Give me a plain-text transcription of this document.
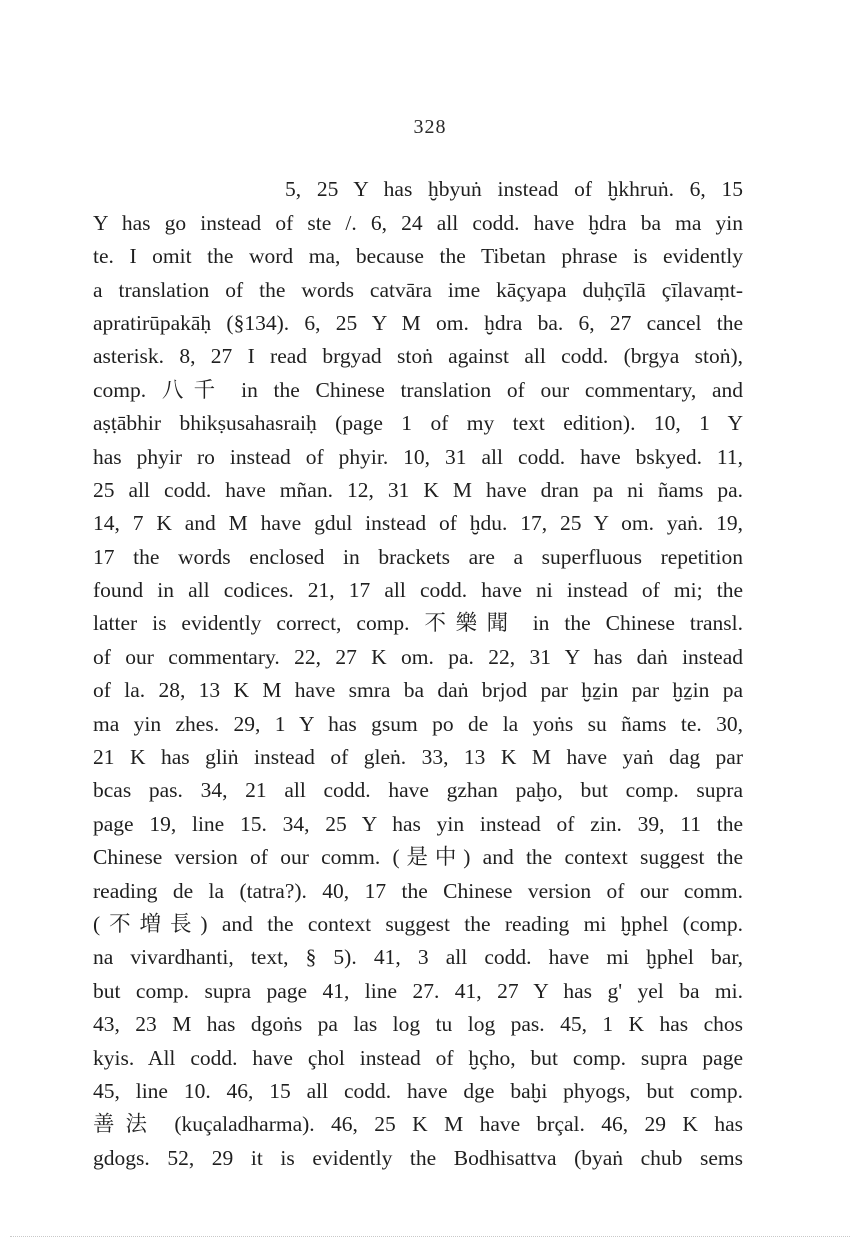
328
5, 25 Y has ḫbyuṅ instead of ḫkhruṅ. 6, 15
Y has go instead of ste /. 6, 24 all codd. have ḫdra ba ma yin
te. I omit the word ma, because the Tibetan phrase is evidently
a translation of the words catvāra ime kāçyapa duḥçīlā çīlavaṃt-
apratirūpakāḥ (§134). 6, 25 Y M om. ḫdra ba. 6, 27 cancel the
asterisk. 8, 27 I read brgyad stoṅ against all codd. (brgya stoṅ),
comp. 八千 in the Chinese translation of our commentary, and
aṣṭābhir bhikṣusahasraiḥ (page 1 of my text edition). 10, 1 Y
has phyir ro instead of phyir. 10, 31 all codd. have bskyed. 11,
25 all codd. have mñan. 12, 31 K M have dran pa ni ñams pa.
14, 7 K and M have gdul instead of ḫdu. 17, 25 Y om. yaṅ. 19,
17 the words enclosed in brackets are a superfluous repetition
found in all codices. 21, 17 all codd. have ni instead of mi; the
latter is evidently correct, comp. 不樂聞 in the Chinese transl.
of our commentary. 22, 27 K om. pa. 22, 31 Y has daṅ instead
of la. 28, 13 K M have smra ba daṅ brjod par ḫẕin par ḫẕin pa
ma yin zhes. 29, 1 Y has gsum po de la yoṅs su ñams te. 30,
21 K has gliṅ instead of gleṅ. 33, 13 K M have yaṅ dag par
bcas pas. 34, 21 all codd. have gzhan paḫo, but comp. supra
page 19, line 15. 34, 25 Y has yin instead of zin. 39, 11 the
Chinese version of our comm. (是中) and the context suggest the
reading de la (tatra?). 40, 17 the Chinese version of our comm.
(不増長) and the context suggest the reading mi ḫphel (comp.
na vivardhanti, text, § 5). 41, 3 all codd. have mi ḫphel bar,
but comp. supra page 41, line 27. 41, 27 Y has g' yel ba mi.
43, 23 M has dgoṅs pa las log tu log pas. 45, 1 K has chos
kyis. All codd. have çhol instead of ḫçho, but comp. supra page
45, line 10. 46, 15 all codd. have dge baḫi phyogs, but comp.
善法 (kuçaladharma). 46, 25 K M have brçal. 46, 29 K has
gdogs. 52, 29 it is evidently the Bodhisattva (byaṅ chub sems
